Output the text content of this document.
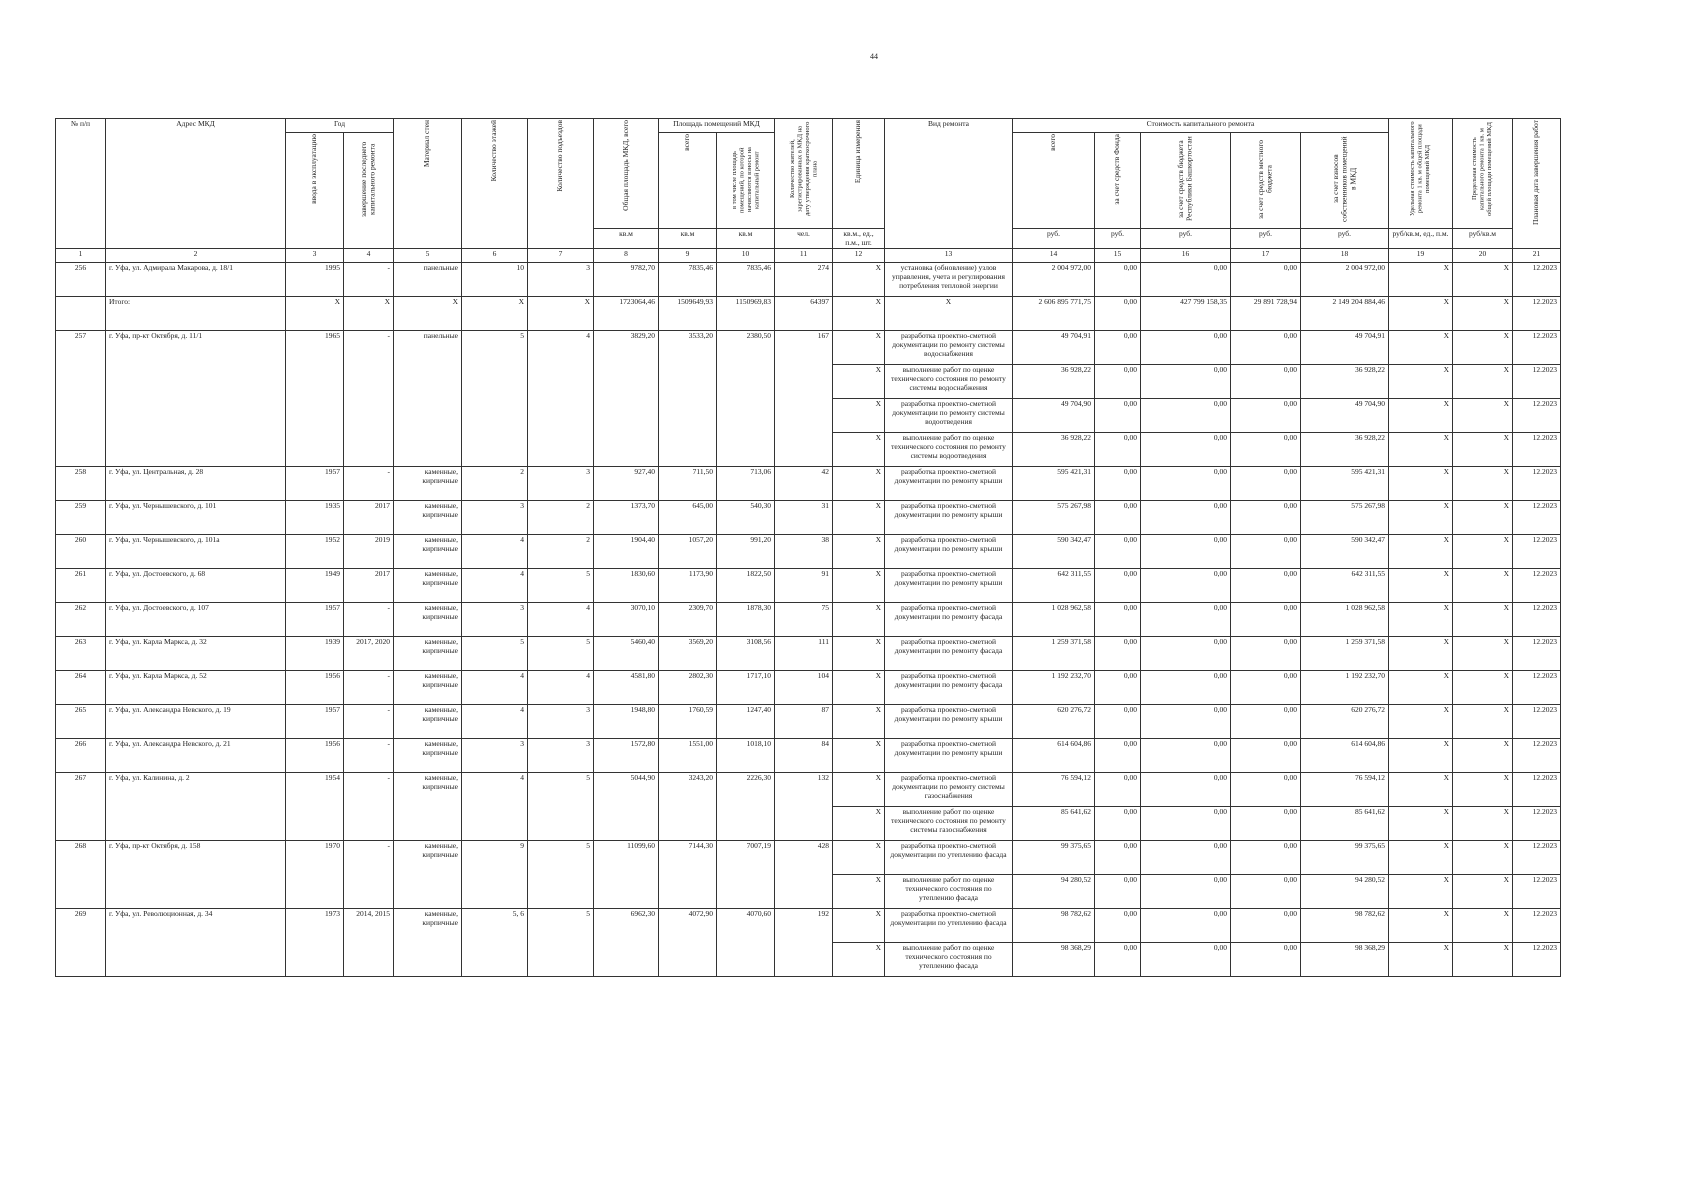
44
№ п/п	Адрес МКД	Год		Материал стен	Количество этажей	Количество подъездов	Общая площадь МКД, всего	Площадь помещений МКД		Количество жителей, зарегистрированных в МКД на дату утверждения краткосрочного плана	Единица измерения	Вид ремонта	Стоимость капитального ремонта					Удельная стоимость капитального ремонта 1 кв. м общей площади помещений МКД	Предельная стоимость капитального ремонта 1 кв. м общей площади помещений МКД	Плановая дата завершения работ

		ввода в эксплуатацию	завершение последнего капитального ремонта					всего	в том числе площадь помещений, по которой начисляются взносы на капитальный ремонт				всего	за счет средств Фонда	за счет средств бюджета Республики Башкортостан	за счет средств местного бюджета	за счет взносов собственников помещений в МКД			

							кв.м	кв.м	кв.м	чел.	кв.м., ед., п.м., шт.		руб.	руб.	руб.	руб.	руб.	руб/кв.м, ед., п.м.	руб/кв.м	
1	2	3	4	5	6	7	8	9	10	11	12	13	14	15	16	17	18	19	20	21
256	г. Уфа, ул. Адмирала Макарова, д. 18/1	1995	-	панельные	10	3	9782,70	7835,46	7835,46	274	X	установка (обновление) узлов управления, учета и регулирования потребления тепловой энергии	2 004 972,00	0,00	0,00	0,00	2 004 972,00	X	X	12.2023
	Итого:	X	X	X	X	X	1723064,46	1509649,93	1150969,83	64397	X	X	2 606 895 771,75	0,00	427 799 158,35	29 891 728,94	2 149 204 884,46	X	X	12.2023
257	г. Уфа, пр-кт Октября, д. 11/1	1965	-	панельные	5	4	3829,20	3533,20	2380,50	167	X	разработка проектно-сметной документации по ремонту системы водоснабжения	49 704,91	0,00	0,00	0,00	49 704,91	X	X	12.2023
											X	выполнение работ по оценке технического состояния по ремонту системы водоснабжения	36 928,22	0,00	0,00	0,00	36 928,22	X	X	12.2023
											X	разработка проектно-сметной документации по ремонту системы водоотведения	49 704,90	0,00	0,00	0,00	49 704,90	X	X	12.2023
											X	выполнение работ по оценке технического состояния по ремонту системы водоотведения	36 928,22	0,00	0,00	0,00	36 928,22	X	X	12.2023
258	г. Уфа, ул. Центральная, д. 28	1957	-	каменные, кирпичные	2	3	927,40	711,50	713,06	42	X	разработка проектно-сметной документации по ремонту крыши	595 421,31	0,00	0,00	0,00	595 421,31	X	X	12.2023
259	г. Уфа, ул. Чернышевского, д. 101	1935	2017	каменные, кирпичные	3	2	1373,70	645,00	540,30	31	X	разработка проектно-сметной документации по ремонту крыши	575 267,98	0,00	0,00	0,00	575 267,98	X	X	12.2023
260	г. Уфа, ул. Чернышевского, д. 101а	1952	2019	каменные, кирпичные	4	2	1904,40	1057,20	991,20	38	X	разработка проектно-сметной документации по ремонту крыши	590 342,47	0,00	0,00	0,00	590 342,47	X	X	12.2023
261	г. Уфа, ул. Достоевского, д. 68	1949	2017	каменные, кирпичные	4	5	1830,60	1173,90	1822,50	91	X	разработка проектно-сметной документации по ремонту крыши	642 311,55	0,00	0,00	0,00	642 311,55	X	X	12.2023
262	г. Уфа, ул. Достоевского, д. 107	1957	-	каменные, кирпичные	3	4	3070,10	2309,70	1878,30	75	X	разработка проектно-сметной документации по ремонту фасада	1 028 962,58	0,00	0,00	0,00	1 028 962,58	X	X	12.2023
263	г. Уфа, ул. Карла Маркса, д. 32	1939	2017, 2020	каменные, кирпичные	5	5	5460,40	3569,20	3108,56	111	X	разработка проектно-сметной документации по ремонту фасада	1 259 371,58	0,00	0,00	0,00	1 259 371,58	X	X	12.2023
264	г. Уфа, ул. Карла Маркса, д. 52	1956	-	каменные, кирпичные	4	4	4581,80	2802,30	1717,10	104	X	разработка проектно-сметной документации по ремонту фасада	1 192 232,70	0,00	0,00	0,00	1 192 232,70	X	X	12.2023
265	г. Уфа, ул. Александра Невского, д. 19	1957	-	каменные, кирпичные	4	3	1948,80	1760,59	1247,40	87	X	разработка проектно-сметной документации по ремонту крыши	620 276,72	0,00	0,00	0,00	620 276,72	X	X	12.2023
266	г. Уфа, ул. Александра Невского, д. 21	1956	-	каменные, кирпичные	3	3	1572,80	1551,00	1018,10	84	X	разработка проектно-сметной документации по ремонту крыши	614 604,86	0,00	0,00	0,00	614 604,86	X	X	12.2023
267	г. Уфа, ул. Калинина, д. 2	1954	-	каменные, кирпичные	4	5	5044,90	3243,20	2226,30	132	X	разработка проектно-сметной документации по ремонту системы газоснабжения	76 594,12	0,00	0,00	0,00	76 594,12	X	X	12.2023
											X	выполнение работ по оценке технического состояния по ремонту системы газоснабжения	85 641,62	0,00	0,00	0,00	85 641,62	X	X	12.2023
268	г. Уфа, пр-кт Октября, д. 158	1970	-	каменные, кирпичные	9	5	11099,60	7144,30	7007,19	428	X	разработка проектно-сметной документации по утеплению фасада	99 375,65	0,00	0,00	0,00	99 375,65	X	X	12.2023
											X	выполнение работ по оценке технического состояния по утеплению фасада	94 280,52	0,00	0,00	0,00	94 280,52	X	X	12.2023
269	г. Уфа, ул. Революционная, д. 34	1973	2014, 2015	каменные, кирпичные	5, 6	5	6962,30	4072,90	4070,60	192	X	разработка проектно-сметной документации по утеплению фасада	98 782,62	0,00	0,00	0,00	98 782,62	X	X	12.2023
											X	выполнение работ по оценке технического состояния по утеплению фасада	98 368,29	0,00	0,00	0,00	98 368,29	X	X	12.2023
